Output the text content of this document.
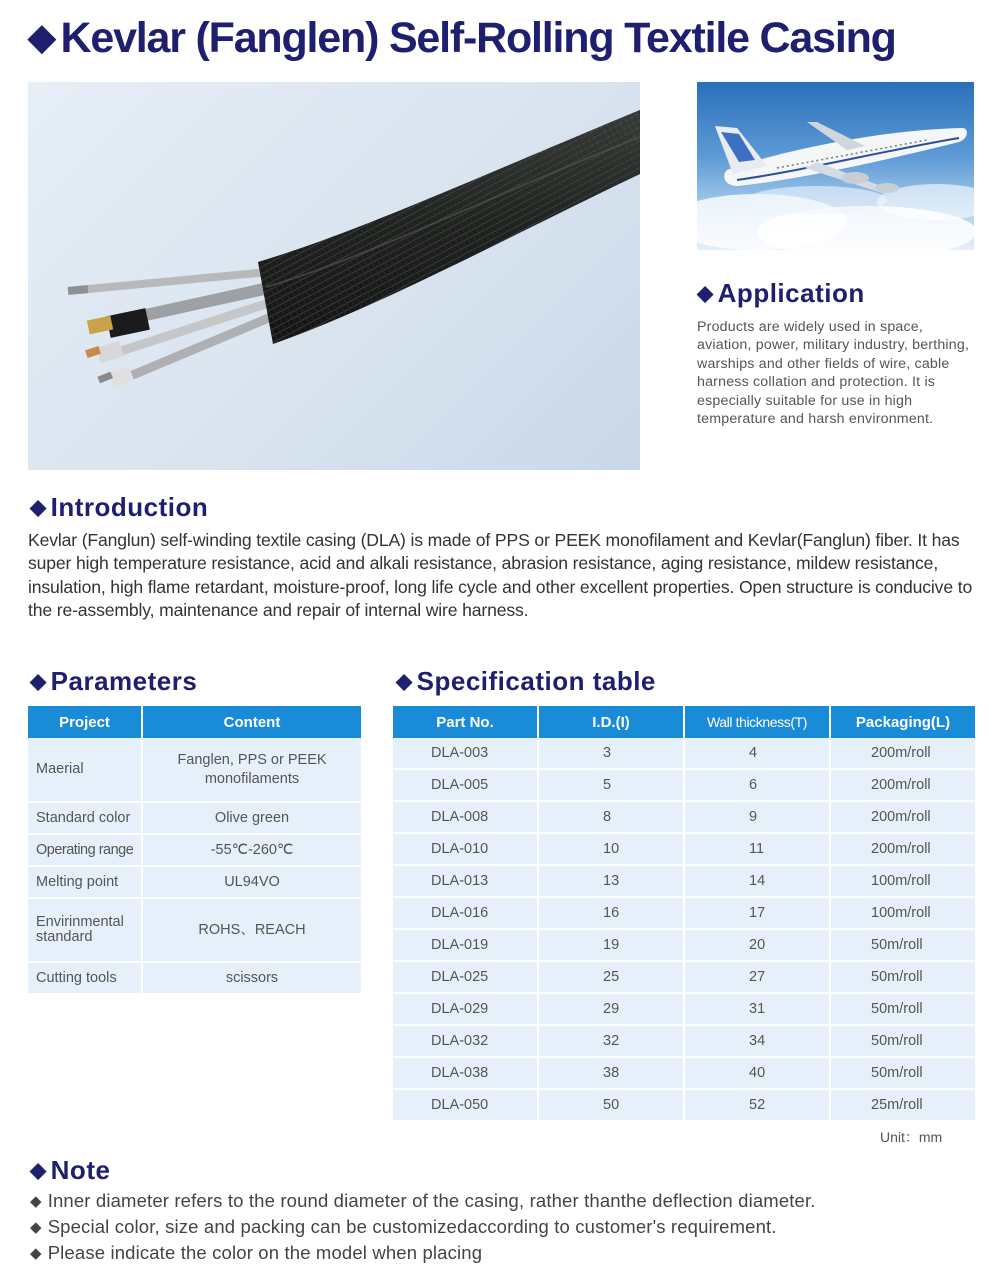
◆ Kevlar (Fanglen) Self-Rolling Textile Casing
◆ Application
Products are widely used in space, aviation, power, military industry, berthing, warships and other fields of wire, cable harness collation and protection. It is especially suitable for use in high temperature and harsh environment.
◆ Introduction
Kevlar (Fanglun) self-winding textile casing (DLA) is made of PPS or PEEK monofilament and Kevlar(Fanglun) fiber. It has super high temperature resistance, acid and alkali resistance, abrasion resistance, aging resistance, mildew resistance, insulation, high flame retardant, moisture-proof, long life cycle and other excellent properties. Open structure is conducive to the re-assembly, maintenance and repair of internal wire harness.
◆ Parameters
Project	Content
Maerial	Fanglen, PPS or PEEK monofilaments
Standard color	Olive green
Operating range	-55℃-260℃
Melting point	UL94VO
Envirinmental standard	ROHS、REACH
Cutting tools	scissors
◆ Specification table
Part No.	I.D.(I)	Wall thickness(T)	Packaging(L)
DLA-003	3	4	200m/roll
DLA-005	5	6	200m/roll
DLA-008	8	9	200m/roll
DLA-010	10	11	200m/roll
DLA-013	13	14	100m/roll
DLA-016	16	17	100m/roll
DLA-019	19	20	50m/roll
DLA-025	25	27	50m/roll
DLA-029	29	31	50m/roll
DLA-032	32	34	50m/roll
DLA-038	38	40	50m/roll
DLA-050	50	52	25m/roll
Unit：mm
◆ Note
◆ Inner diameter refers to the round diameter of the casing, rather thanthe deflection diameter.
◆ Special color, size and packing can be customizedaccording to customer's requirement.
◆ Please indicate the color on the model when placing
